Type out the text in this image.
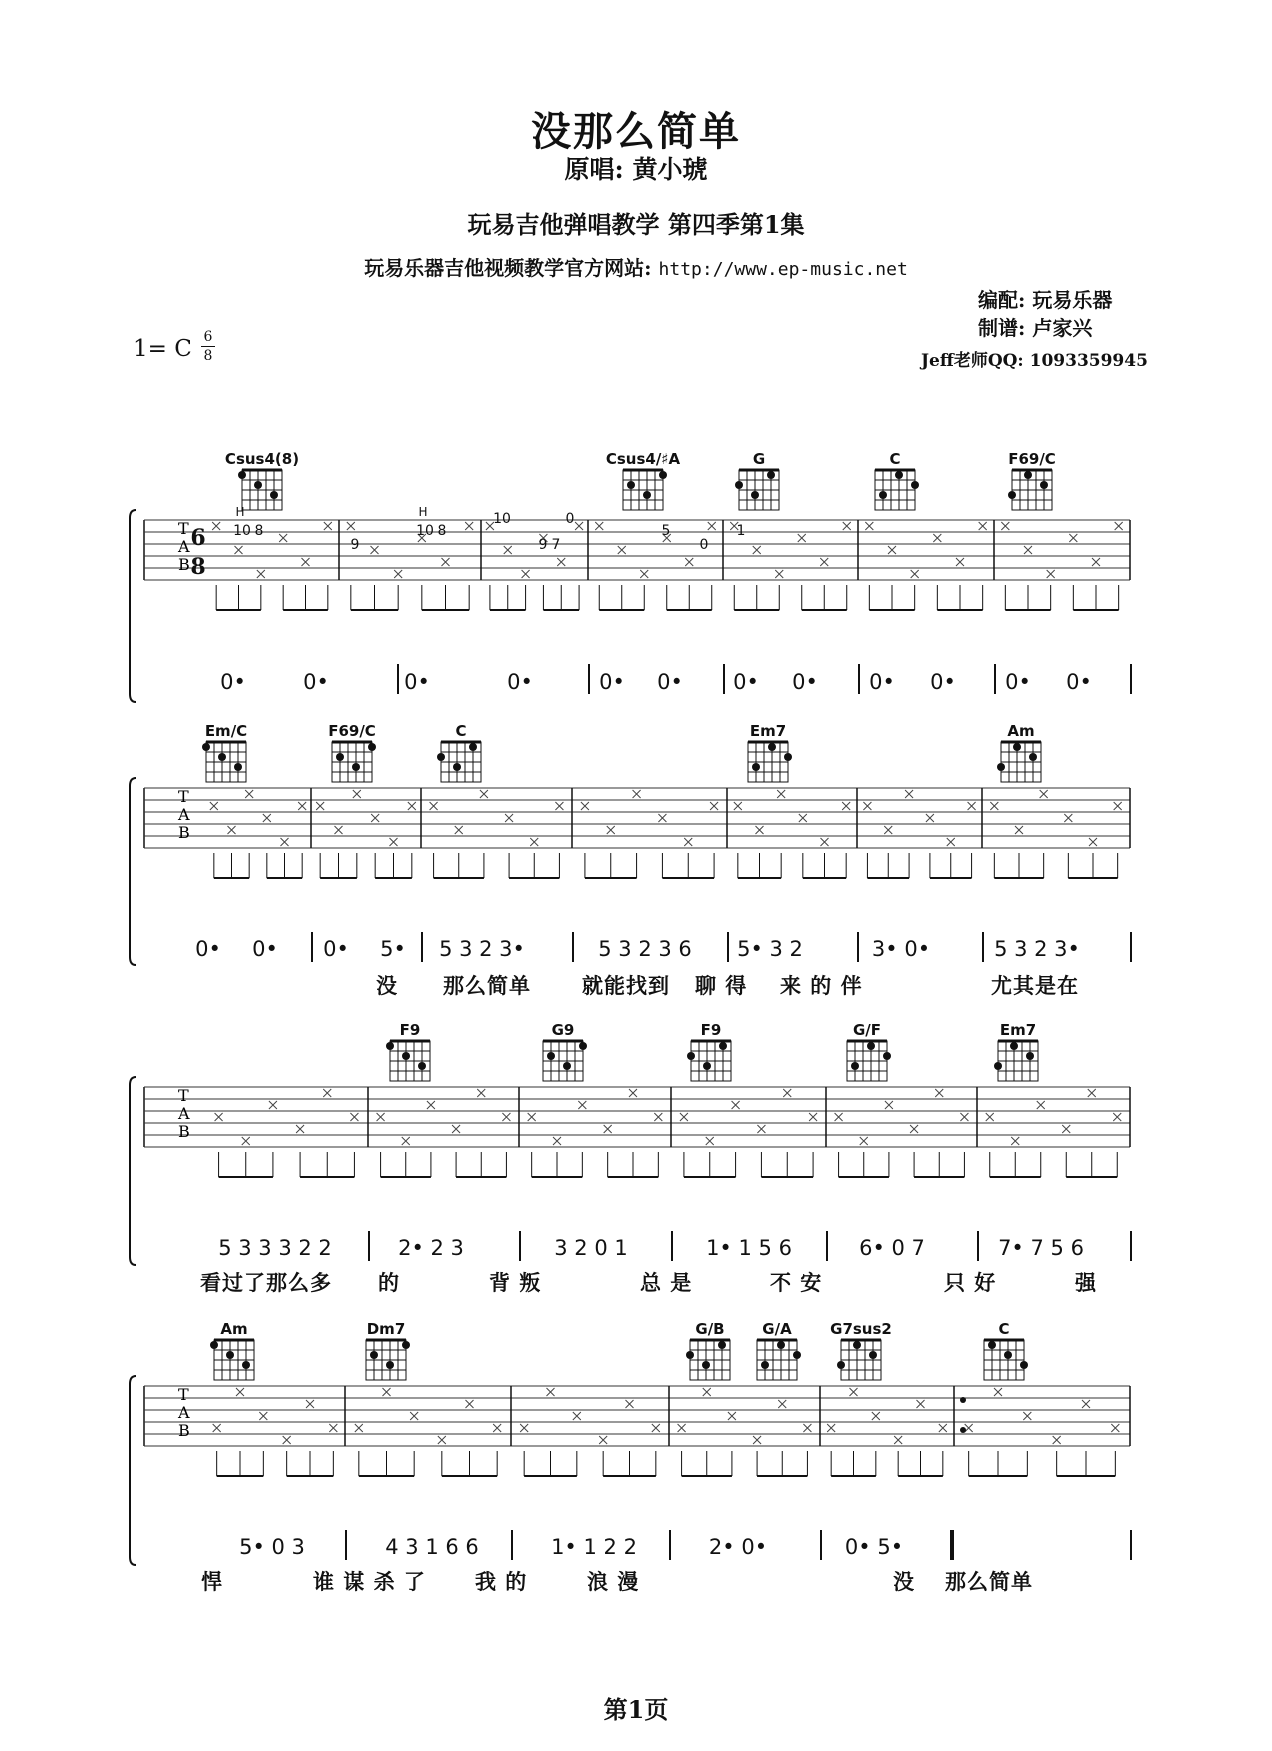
没那么简单
原唱: 黄小琥
玩易吉他弹唱教学 第四季第1集
玩易乐器吉他视频教学官方网站: http://www.ep-music.net
编配: 玩易乐器
制谱: 卢家兴
Jeff老师QQ: 1093359945
1= C 6
8
T
A
B
T
A
B
T
A
B
T
A
B
Csus4(8)	Csus4/♯A	G	C	F69/C
6
8
H
10 8
9
H
10 8
10	0
9 7
5
0
1
0•	0•	0•	0•	0• 0• 0• 0• 0• 0• 0• 0•
Em/C	F69/C	C	Em7	Am
0• 0• 0• 5• 5 3 2 3•	5 3 2 3 6 5• 3 2	3• 0•	5 3 2 3•
没 那么简单 就能找到 聊 得 来 的 伴	尤其是在
F9	G9	F9	G/F	Em7
5 3 3 3 2 2	2• 2 3	3 2 0 1	1• 1 5 6	6• 0 7	7• 7 5 6
看过了那么多 的	背 叛	总 是	不 安	只 好	强
Am	Dm7	G/B	G/A	G7sus2	C
5• 0 3	4 3 1 6 6	1• 1 2 2	2• 0•	0• 5•
悍	谁 谋 杀 了 我 的	浪 漫	没 那么简单
第1页
